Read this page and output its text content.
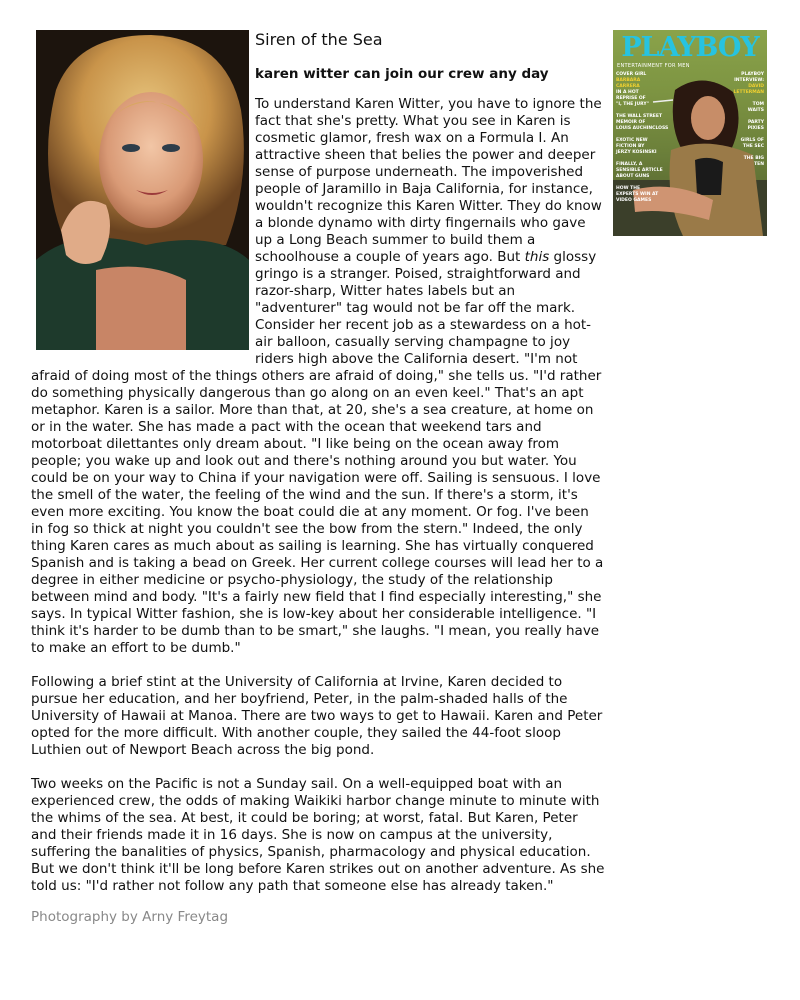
Siren of the Sea
karen witter can join our crew any day

To understand Karen Witter, you have to ignore the fact that she's pretty. What you see in Karen is cosmetic glamor, fresh wax on a Formula I. An attractive sheen that belies the power and deeper sense of purpose underneath. The impoverished people of Jaramillo in Baja California, for instance, wouldn't recognize this Karen Witter. They do know a blonde dynamo with dirty fingernails who gave up a Long Beach summer to build them a schoolhouse a couple of years ago. But this glossy gringo is a stranger. Poised, straightforward and razor-sharp, Witter hates labels but an "adventurer" tag would not be far off the mark. Consider her recent job as a stewardess on a hot-air balloon, casually serving champagne to joy riders high above the California desert. "I'm not afraid of doing most of the things others are afraid of doing," she tells us. "I'd rather do something physically dangerous than go along on an even keel." That's an apt metaphor. Karen is a sailor. More than that, at 20, she's a sea creature, at home on or in the water. She has made a pact with the ocean that weekend tars and motorboat dilettantes only dream about. "I like being on the ocean away from people; you wake up and look out and there's nothing around you but water. You could be on your way to China if your navigation were off. Sailing is sensuous. I love the smell of the water, the feeling of the wind and the sun. If there's a storm, it's even more exciting. You know the boat could die at any moment. Or fog. I've been in fog so thick at night you couldn't see the bow from the stern." Indeed, the only thing Karen cares as much about as sailing is learning. She has virtually conquered Spanish and is taking a bead on Greek. Her current college courses will lead her to a degree in either medicine or psycho-physiology, the study of the relationship between mind and body. "It's a fairly new field that I find especially interesting," she says. In typical Witter fashion, she is low-key about her considerable intelligence. "I think it's harder to be dumb than to be smart," she laughs. "I mean, you really have to make an effort to be dumb."

Following a brief stint at the University of California at Irvine, Karen decided to pursue her education, and her boyfriend, Peter, in the palm-shaded halls of the University of Hawaii at Manoa. There are two ways to get to Hawaii. Karen and Peter opted for the more difficult. With another couple, they sailed the 44-foot sloop Luthien out of Newport Beach across the big pond.

Two weeks on the Pacific is not a Sunday sail. On a well-equipped boat with an experienced crew, the odds of making Waikiki harbor change minute to minute with the whims of the sea. At best, it could be boring; at worst, fatal. But Karen, Peter and their friends made it in 16 days. She is now on campus at the university, suffering the banalities of physics, Spanish, pharmacology and physical education. But we don't think it'll be long before Karen strikes out on another adventure. As she told us: "I'd rather not follow any path that someone else has already taken."

Photography by Arny Freytag
PLAYBOY
ENTERTAINMENT FOR MEN
COVER GIRL
BARBARA
CARRERA
IN A HOT
REPRISE OF
"I, THE JURY"

THE WALL STREET
MEMOIR OF
LOUIS AUCHINCLOSS

EXOTIC NEW
FICTION BY
JERZY KOSINSKI

FINALLY, A
SENSIBLE ARTICLE
ABOUT GUNS

HOW THE
EXPERTS WIN AT
VIDEO GAMES
PLAYBOY
INTERVIEW:
DAVID
LETTERMAN

TOM
WAITS

PARTY
PIXIES

GIRLS OF
THE SEC

THE BIG
TEN
